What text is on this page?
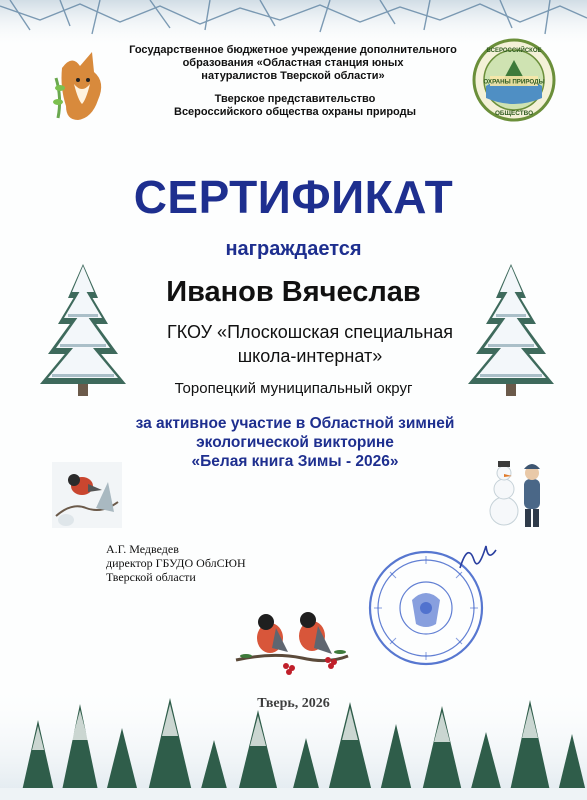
ОХРАНЫ ПРИРОДЫ
ВСЕРОССИЙСКОЕ
ОБЩЕСТВО
Государственное бюджетное учреждение дополнительного
образования «Областная станция юных
натуралистов Тверской области»
Тверское представительство
Всероссийского общества охраны природы
СЕРТИФИКАТ
награждается
Иванов Вячеслав
ГКОУ «Плоскошская специальная школа-интернат»
Торопецкий муниципальный округ
за активное участие в Областной зимней
экологической викторине
«Белая книга Зимы - 2026»
А.Г. Медведев
директор ГБУДО ОблСЮН
Тверской области
